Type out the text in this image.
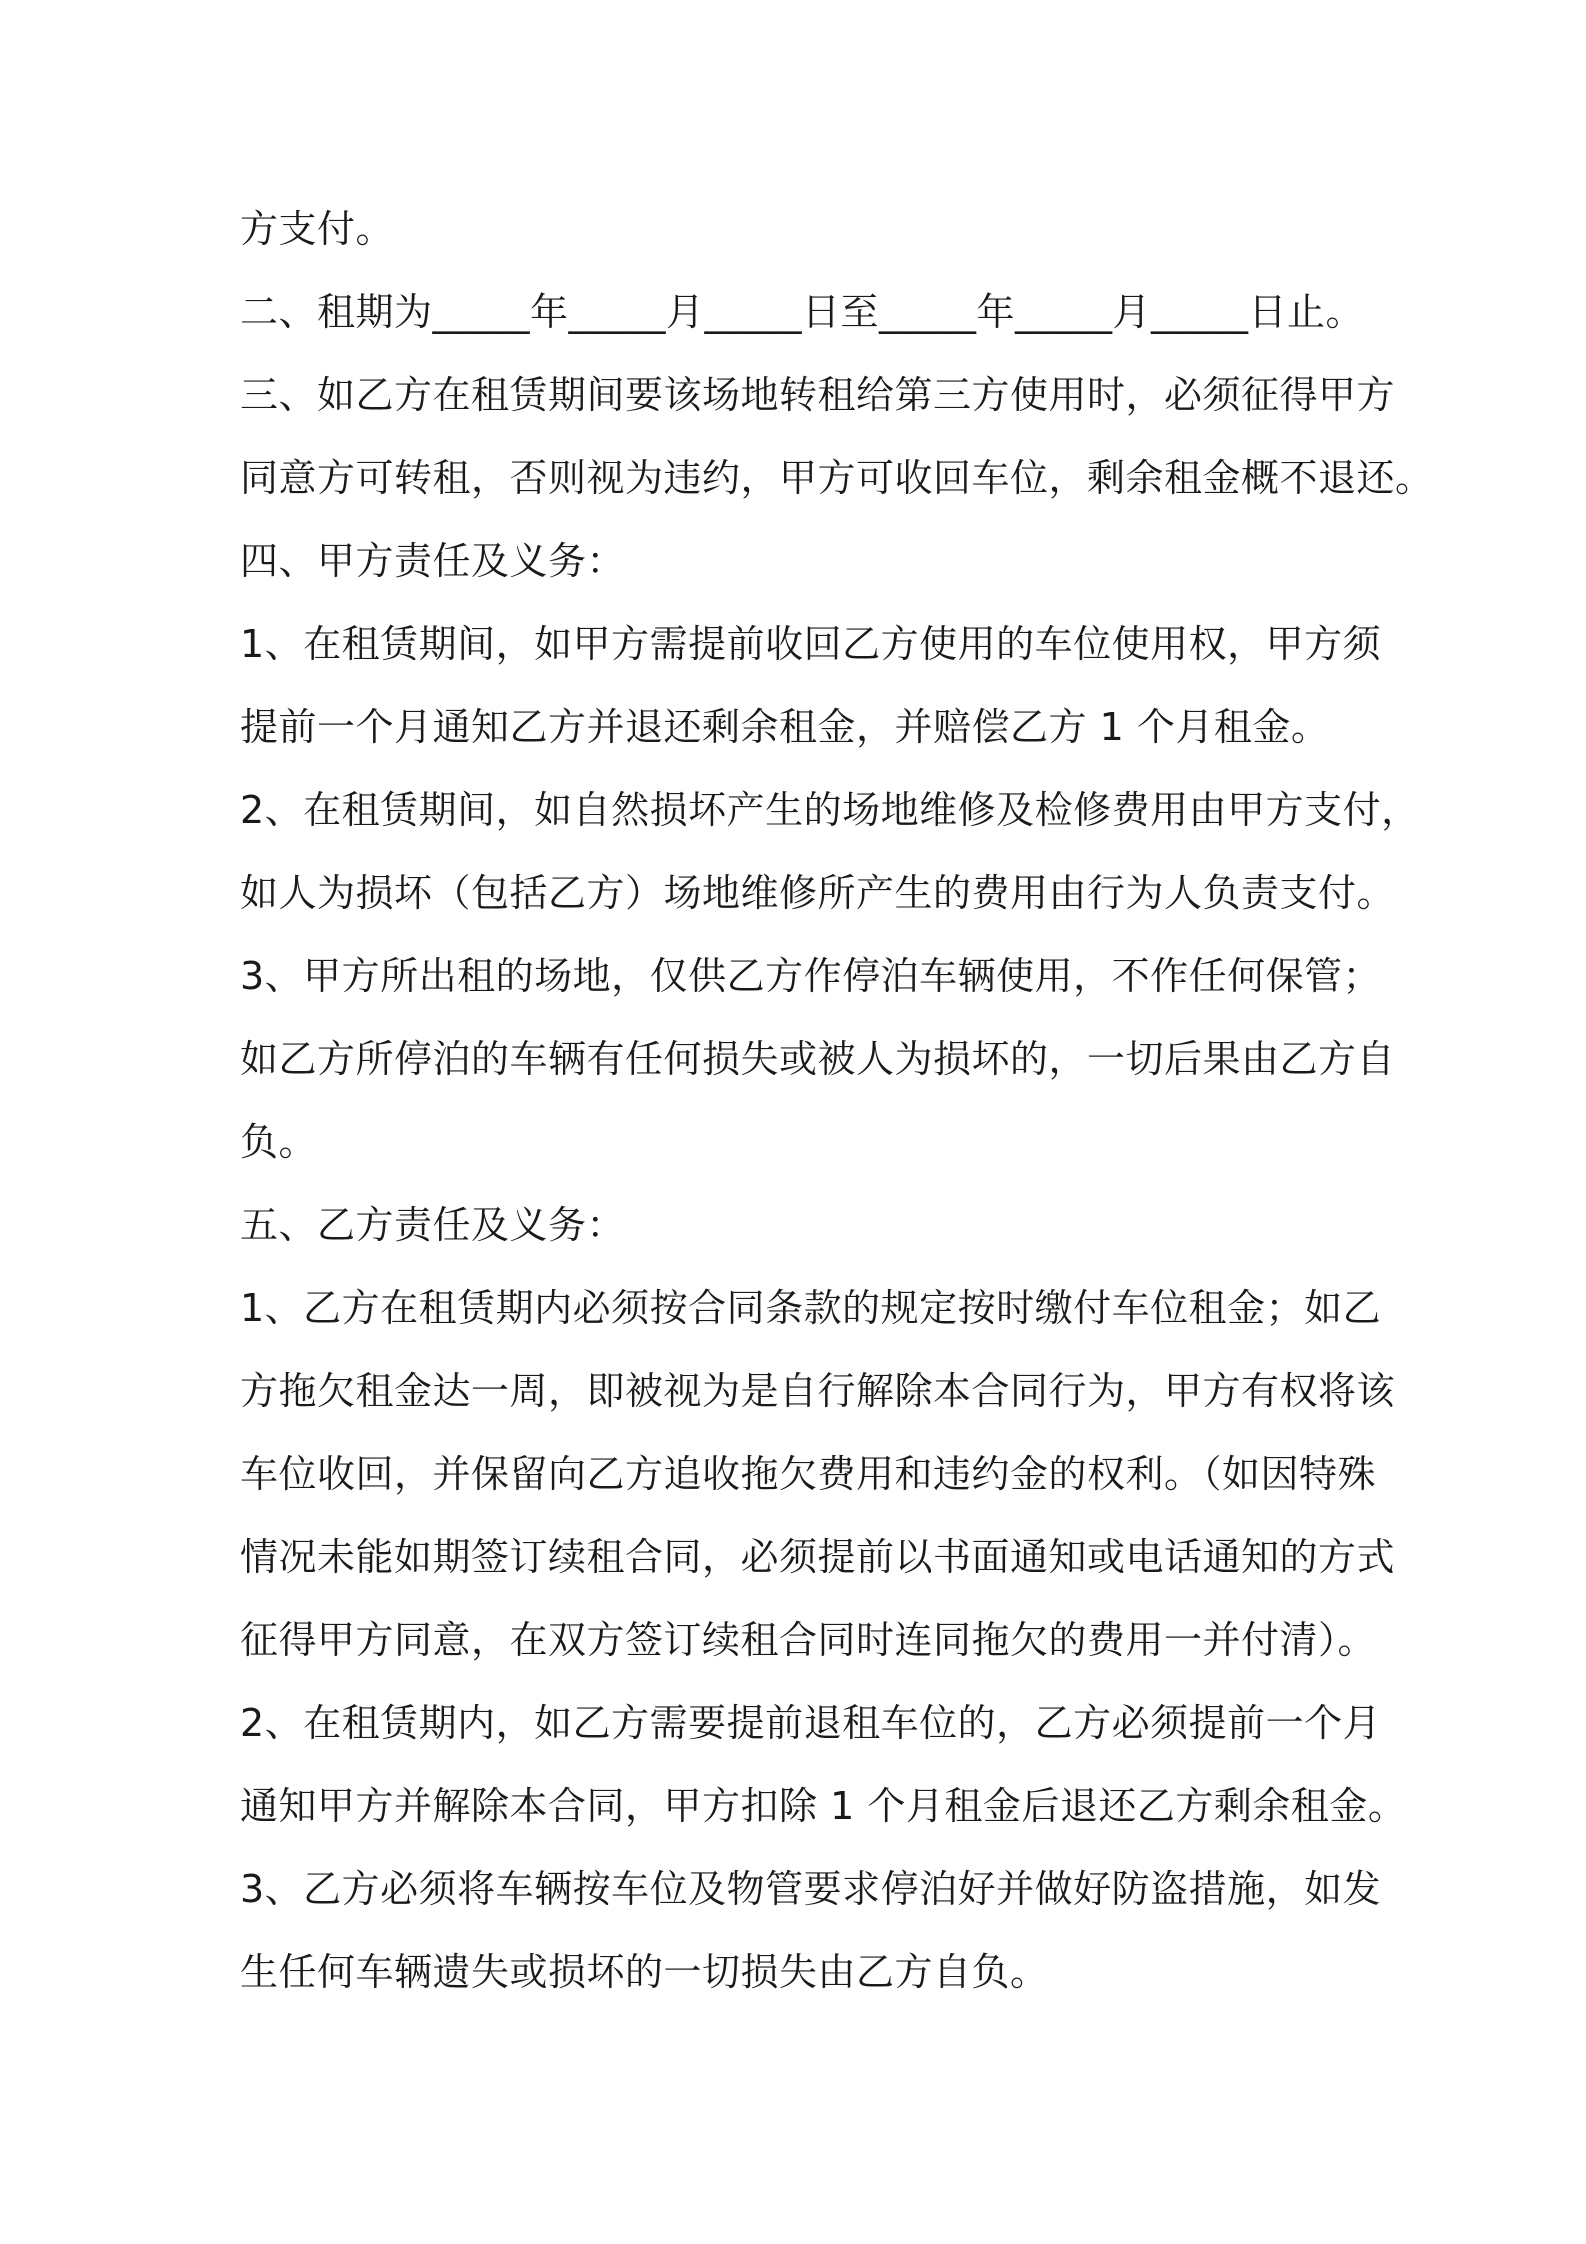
方支付。
二、租期为_____年_____月_____日至_____年_____月_____日止。
三、如乙方在租赁期间要该场地转租给第三方使用时，必须征得甲方
同意方可转租，否则视为违约，甲方可收回车位，剩余租金概不退还。
四、甲方责任及义务：
1、在租赁期间，如甲方需提前收回乙方使用的车位使用权，甲方须
提前一个月通知乙方并退还剩余租金，并赔偿乙方 1 个月租金。
2、在租赁期间，如自然损坏产生的场地维修及检修费用由甲方支付，
如人为损坏（包括乙方）场地维修所产生的费用由行为人负责支付。
3、甲方所出租的场地，仅供乙方作停泊车辆使用，不作任何保管；
如乙方所停泊的车辆有任何损失或被人为损坏的，一切后果由乙方自
负。
五、乙方责任及义务：
1、乙方在租赁期内必须按合同条款的规定按时缴付车位租金；如乙
方拖欠租金达一周，即被视为是自行解除本合同行为，甲方有权将该
车位收回，并保留向乙方追收拖欠费用和违约金的权利。（如因特殊
情况未能如期签订续租合同，必须提前以书面通知或电话通知的方式
征得甲方同意，在双方签订续租合同时连同拖欠的费用一并付清）。
2、在租赁期内，如乙方需要提前退租车位的，乙方必须提前一个月
通知甲方并解除本合同，甲方扣除 1 个月租金后退还乙方剩余租金。
3、乙方必须将车辆按车位及物管要求停泊好并做好防盗措施，如发
生任何车辆遗失或损坏的一切损失由乙方自负。
